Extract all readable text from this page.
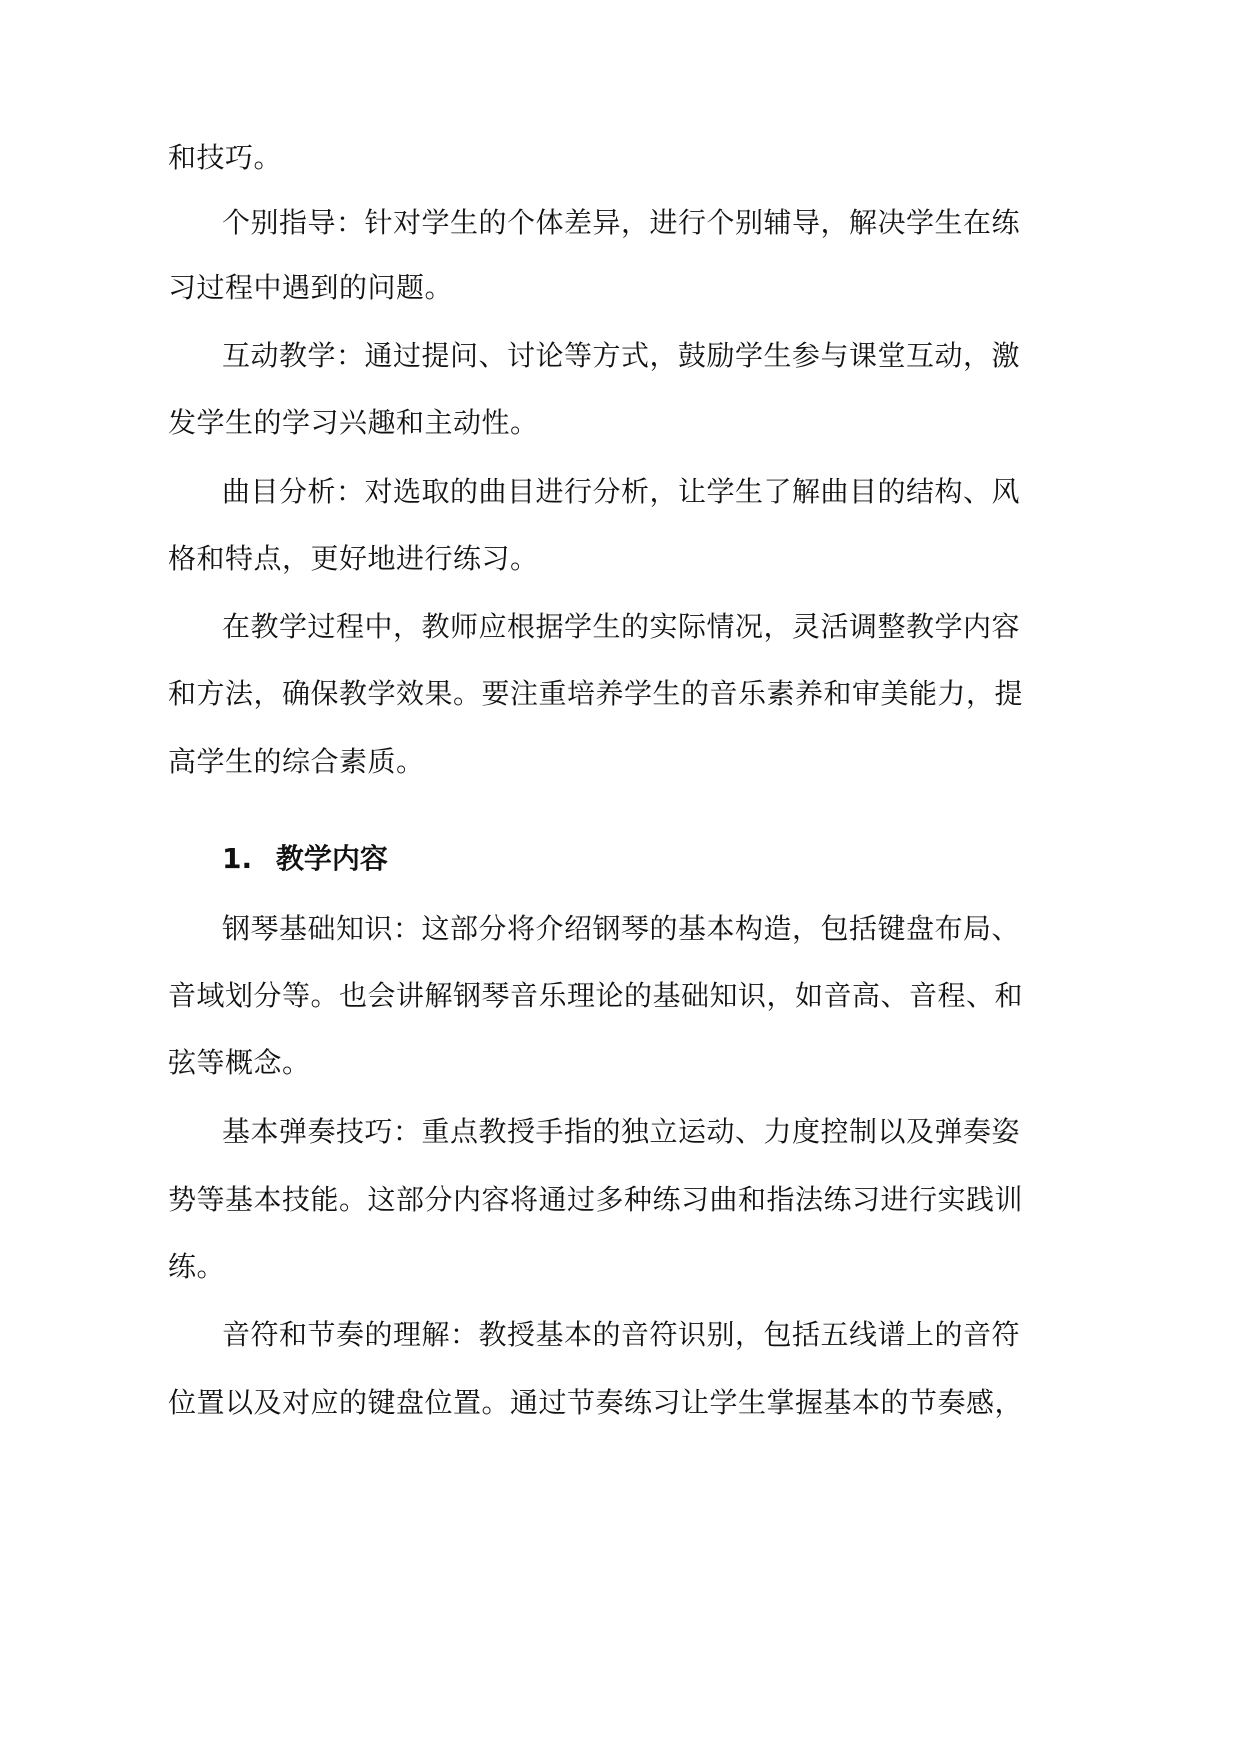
和技巧。
个别指导：针对学生的个体差异，进行个别辅导，解决学生在练
习过程中遇到的问题。
互动教学：通过提问、讨论等方式，鼓励学生参与课堂互动，激
发学生的学习兴趣和主动性。
曲目分析：对选取的曲目进行分析，让学生了解曲目的结构、风
格和特点，更好地进行练习。
在教学过程中，教师应根据学生的实际情况，灵活调整教学内容
和方法，确保教学效果。要注重培养学生的音乐素养和审美能力，提
高学生的综合素质。
1. 教学内容
钢琴基础知识：这部分将介绍钢琴的基本构造，包括键盘布局、
音域划分等。也会讲解钢琴音乐理论的基础知识，如音高、音程、和
弦等概念。
基本弹奏技巧：重点教授手指的独立运动、力度控制以及弹奏姿
势等基本技能。这部分内容将通过多种练习曲和指法练习进行实践训
练。
音符和节奏的理解：教授基本的音符识别，包括五线谱上的音符
位置以及对应的键盘位置。通过节奏练习让学生掌握基本的节奏感，
